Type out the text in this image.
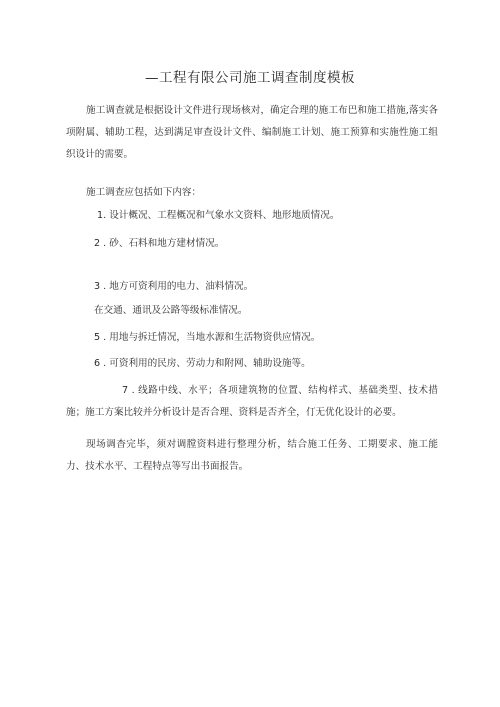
—工程有限公司施工调查制度模板
施工调查就是根据设计文件进行现场核对，确定合理的施工布巴和施工措施,落实各项附属、辅助工程，达到满足审查设计文件、编制施工计划、施工预算和实施性施工组织设计的需要。
施工调查应包括如下内容：
1. 设计概况、工程概况和气象水文资料、地形地质情况。
2 . 砂、石料和地方建材情况。
3 . 地方可资利用的电力、油料情况。
在交通、通讯及公路等级标准情况。
5 . 用地与拆迁情况，当地水源和生活物资供应情况。
6 . 可资利用的民房、劳动力和附网、辅助设施等。
7 . 线路中线、水平；各项建筑物的位置、结构样式、基础类型、技术措施；施工方案比较并分析设计是否合理、资料是否齐全，仃无优化设计的必要。
现场调杳完毕，须对调膛资料进行整理分析，结合施工任务、工期要求、施工能力、技术水平、工程特点等写出书面报告。
